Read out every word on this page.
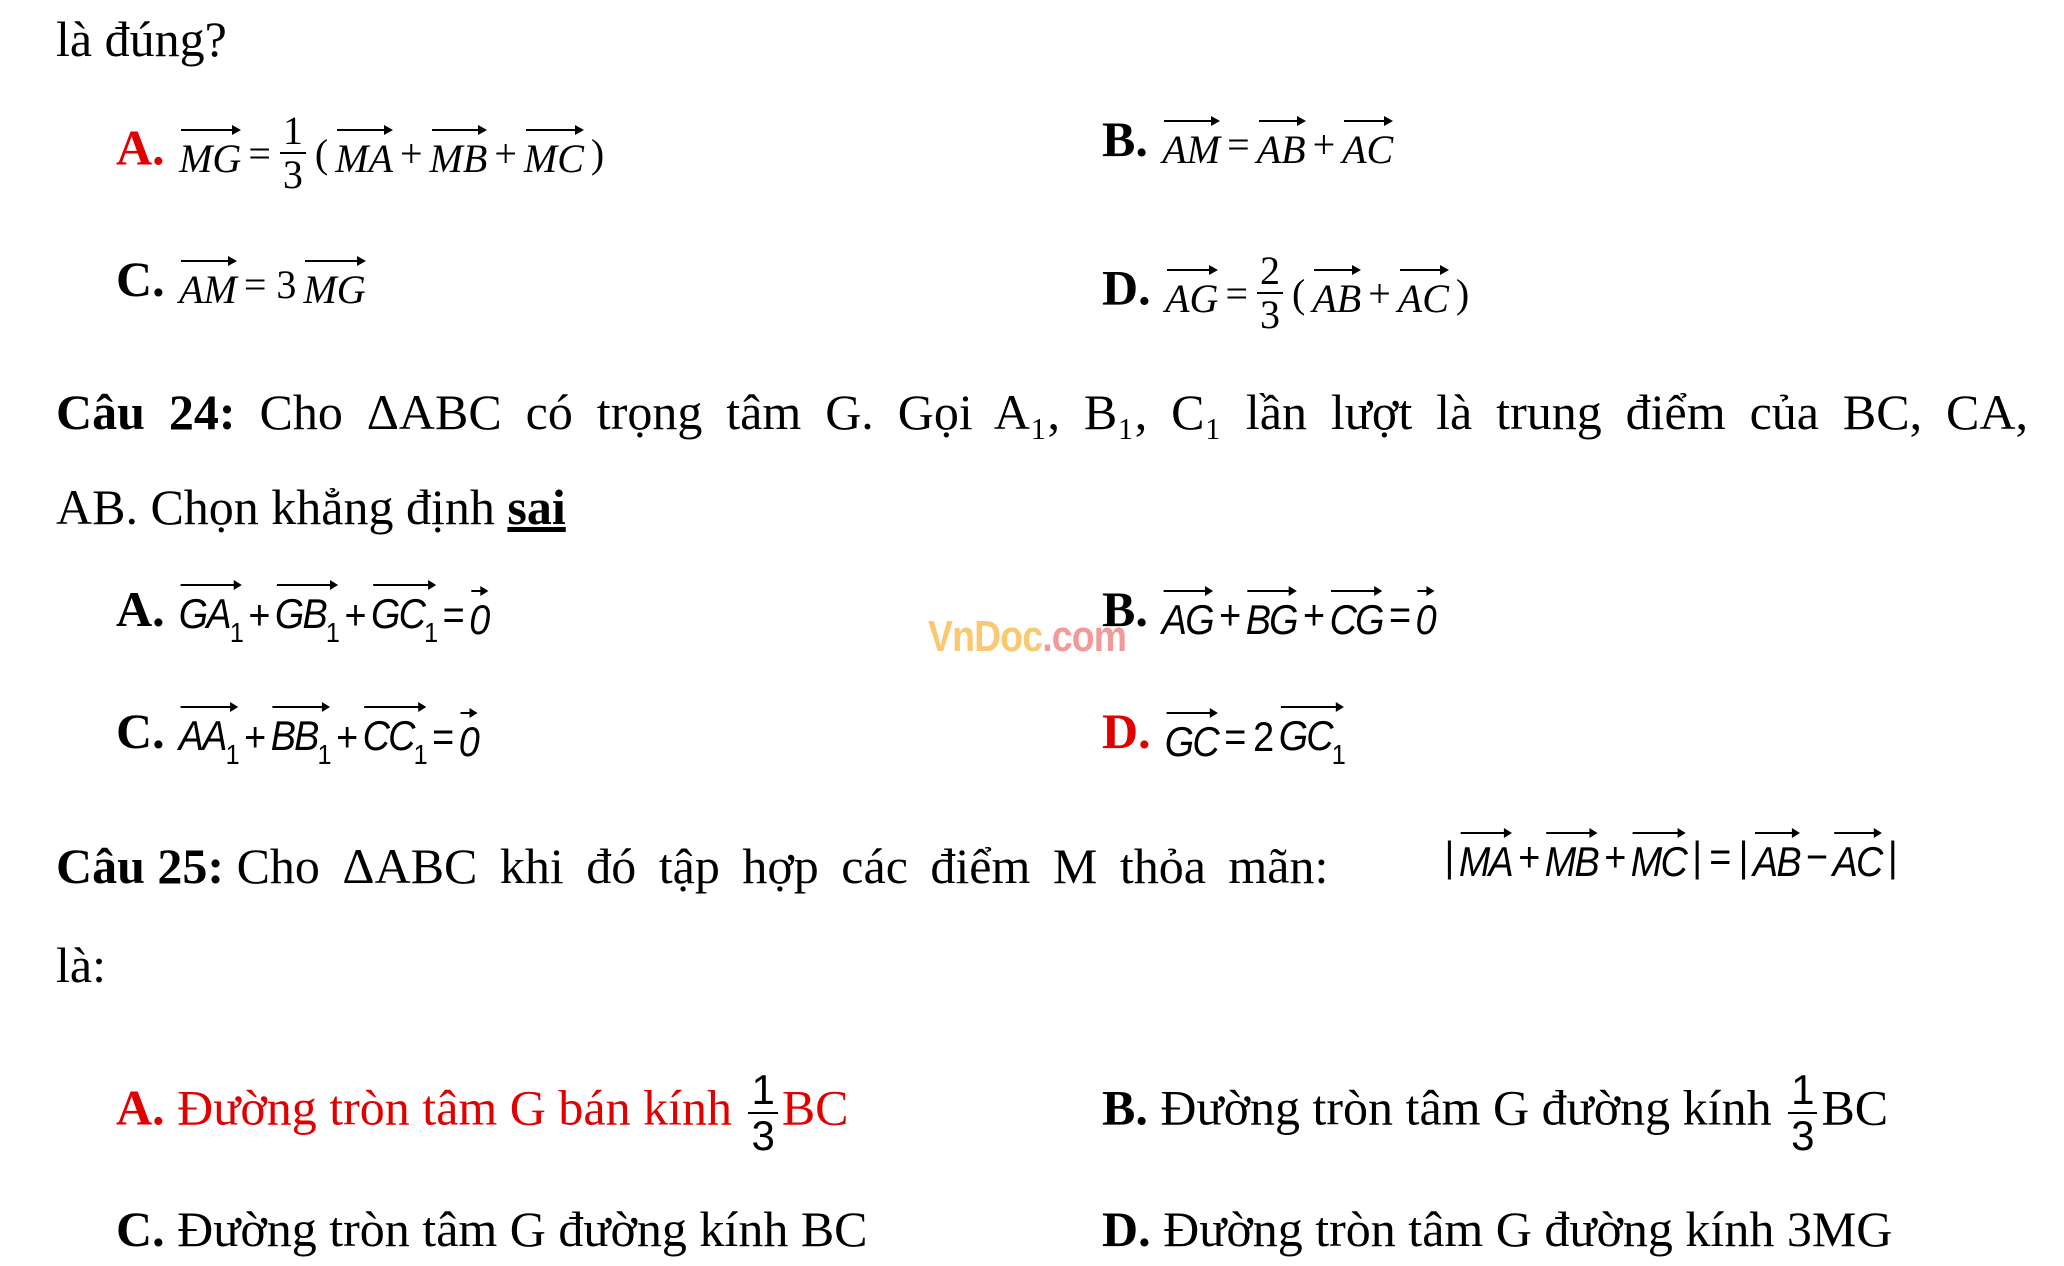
là đúng?
A. MG = $\frac{1}{3}$ ( MA + MB + MC )	B. AM = AB + AC
C. AM = 3 MG	D. AG = $\frac{2}{3}$ ( AB + AC )
Câu 24: Cho ΔABC có trọng tâm G. Gọi A₁, B₁, C₁ lần lượt là trung điểm của BC, CA,
AB. Chọn khẳng định sai
A. $GA_1 + GB_1 + GC_1 = 0$	B. AG + BG + CG = 0
C. $AA_1 + BB_1 + CC_1 = 0$	D. GC = 2 $GC_1$
VnDoc.com
Câu 25: Cho ΔABC khi đó tập hợp các điểm M thỏa mãn:	| MA + MB + MC | = | AB − AC |
là:
A. Đường tròn tâm G bán kính $\frac{1}{3}$ BC	B. Đường tròn tâm G đường kính $\frac{1}{3}$ BC
C. Đường tròn tâm G đường kính BC	D. Đường tròn tâm G đường kính 3MG
